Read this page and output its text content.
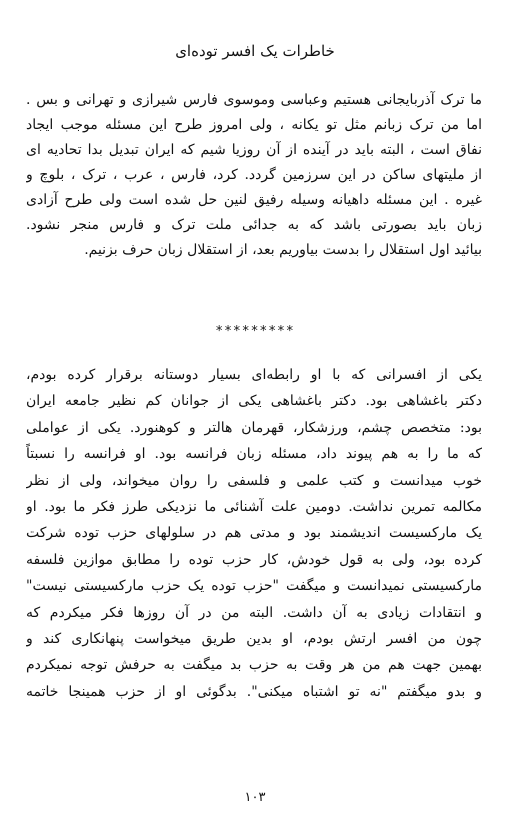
خاطرات یک افسر توده‌ای
ما ترک آذربایجانی هستیم وعباسی وموسوی فارس شیرازی و تهرانی و بس .
اما من ترک زبانم مثل تو یکانه ، ولی امروز طرح این مسئله موجب ایجاد
نفاق است ، البته باید در آینده از آن روزیا شیم که ایران تبدیل بدا تحادیه ای
از ملیتهای ساکن در این سرزمین گردد. کرد، فارس ، عرب ، ترک ، بلوچ و
غیره . این مسئله داهیانه وسیله رفیق لنین حل شده است ولی طرح آزادی
زبان باید بصورتی باشد که به جدائی ملت ترک و فارس منجر نشود.
بیائید اول استقلال را بدست بیاوریم بعد، از استقلال زبان حرف بزنیم.
*********
یکی از افسرانی که با او رابطه‌ای بسیار دوستانه برقرار کرده بودم،
دکتر باغشاهی بود. دکتر باغشاهی یکی از جوانان کم نظیر جامعه ایران
بود: متخصص چشم، ورزشکار، قهرمان هالتر و کوهنورد. یکی از عواملی
که ما را به هم پیوند داد، مسئله زبان فرانسه بود. او فرانسه را نسبتاً
خوب میدانست و کتب علمی و فلسفی را روان میخواند، ولی از نظر
مکالمه تمرین نداشت. دومین علت آشنائی ما نزدیکی طرز فکر ما بود. او
یک مارکسیست اندیشمند بود و مدتی هم در سلولهای حزب توده شرکت
کرده بود، ولی به قول خودش، کار حزب توده را مطابق موازین فلسفه
مارکسیستی نمیدانست و میگفت "حزب توده یک حزب مارکسیستی نیست"
و انتقادات زیادی به آن داشت. البته من در آن روزها فکر میکردم که
چون من افسر ارتش بودم، او بدین طریق میخواست پنهانکاری کند و
بهمین جهت هم من هر وقت به حزب بد میگفت به حرفش توجه نمیکردم
و بدو میگفتم "نه تو اشتباه میکنی". بدگوئی او از حزب همینجا خاتمه
۱۰۳
